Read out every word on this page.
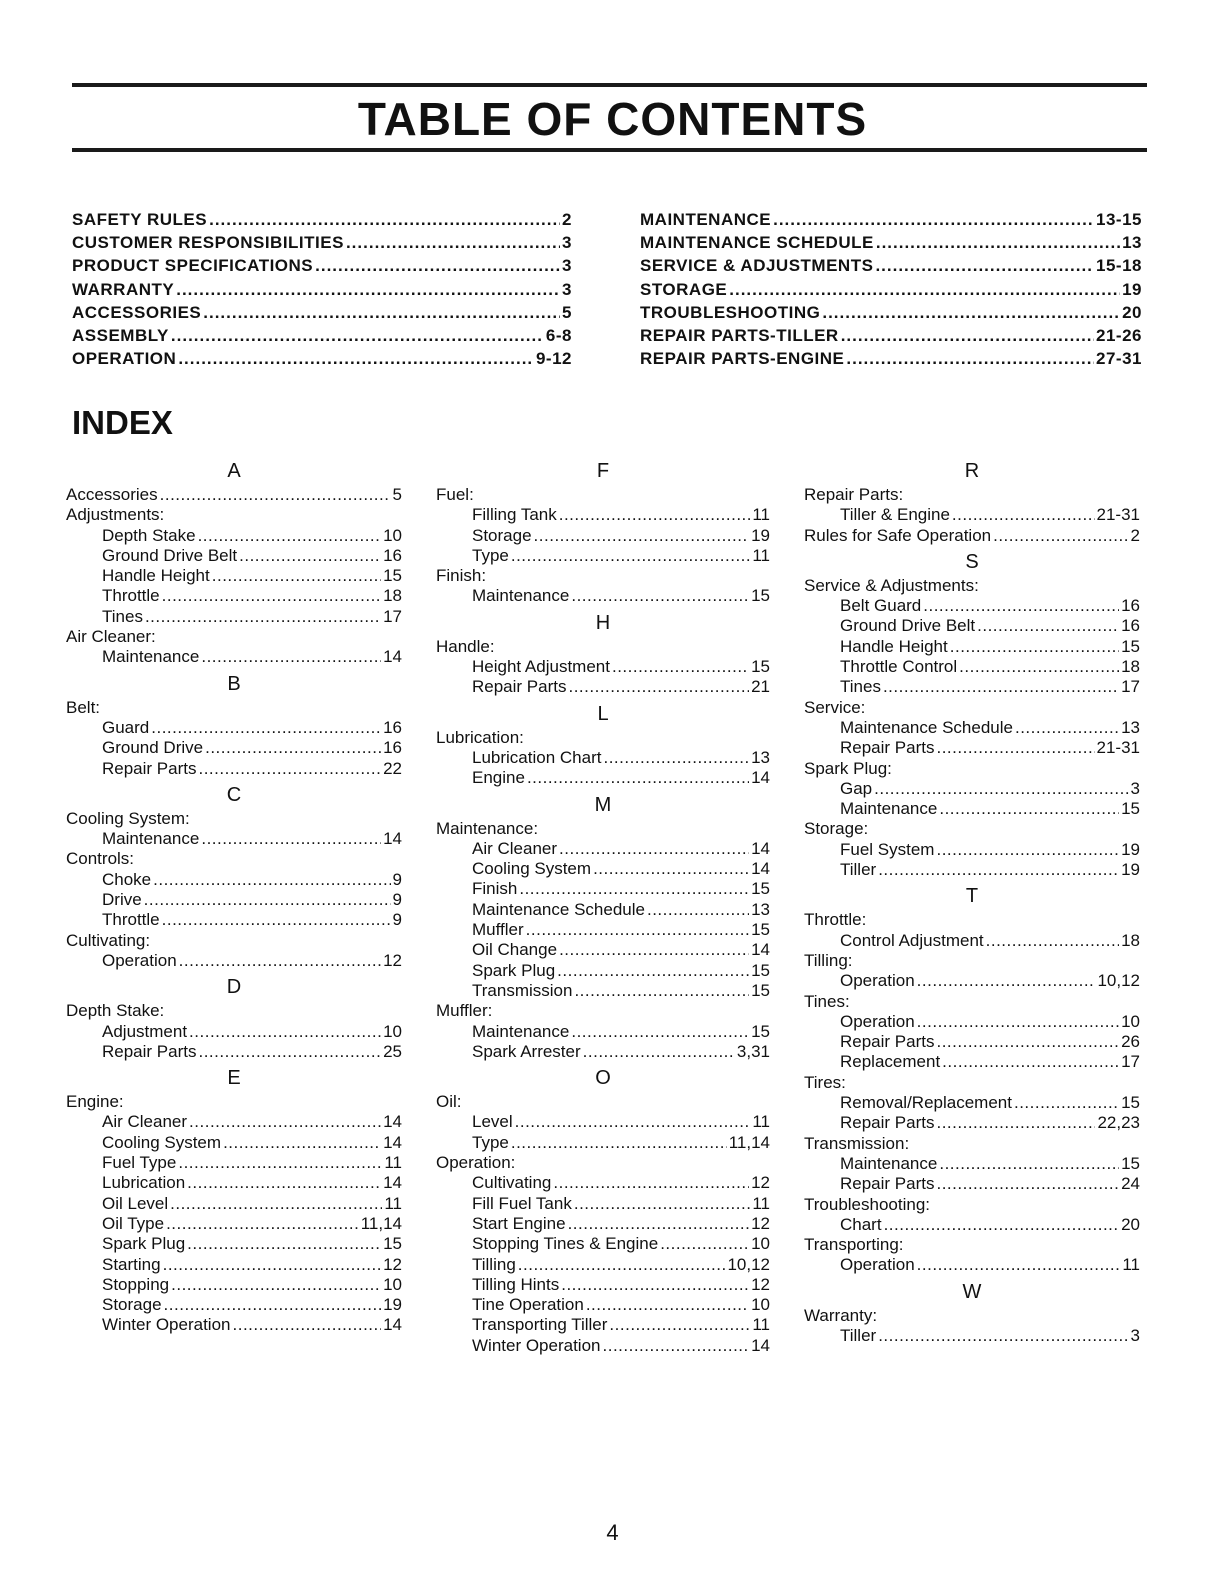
TABLE OF CONTENTS
SAFETY RULES .....	2
CUSTOMER RESPONSIBILITIES .....	3
PRODUCT SPECIFICATIONS .....	3
WARRANTY .....	3
ACCESSORIES .....	5
ASSEMBLY .....	6-8
OPERATION .....	9-12
MAINTENANCE .....	13-15
MAINTENANCE SCHEDULE .....	13
SERVICE & ADJUSTMENTS .....	15-18
STORAGE .....	19
TROUBLESHOOTING .....	20
REPAIR PARTS-TILLER .....	21-26
REPAIR PARTS-ENGINE .....	27-31
INDEX
A
Accessories .....	5
Adjustments:
Depth Stake .....	10
Ground Drive Belt .....	16
Handle Height .....	15
Throttle .....	18
Tines .....	17
Air Cleaner:
Maintenance .....	14
B
Belt:
Guard .....	16
Ground Drive .....	16
Repair Parts .....	22
C
Cooling System:
Maintenance .....	14
Controls:
Choke .....	9
Drive .....	9
Throttle .....	9
Cultivating:
Operation .....	12
D
Depth Stake:
Adjustment .....	10
Repair Parts .....	25
E
Engine:
Air Cleaner .....	14
Cooling System .....	14
Fuel Type .....	11
Lubrication .....	14
Oil Level .....	11
Oil Type .....	11,14
Spark Plug .....	15
Starting .....	12
Stopping .....	10
Storage .....	19
Winter Operation .....	14
F
Fuel:
Filling Tank .....	11
Storage .....	19
Type .....	11
Finish:
Maintenance .....	15
H
Handle:
Height Adjustment .....	15
Repair Parts .....	21
L
Lubrication:
Lubrication Chart .....	13
Engine .....	14
M
Maintenance:
Air Cleaner .....	14
Cooling System .....	14
Finish .....	15
Maintenance Schedule .....	13
Muffler .....	15
Oil Change .....	14
Spark Plug .....	15
Transmission .....	15
Muffler:
Maintenance .....	15
Spark Arrester .....	3,31
O
Oil:
Level .....	11
Type .....	11,14
Operation:
Cultivating .....	12
Fill Fuel Tank .....	11
Start Engine .....	12
Stopping Tines & Engine .....	10
Tilling .....	10,12
Tilling Hints .....	12
Tine Operation .....	10
Transporting Tiller .....	11
Winter Operation .....	14
R
Repair Parts:
Tiller & Engine .....	21-31
Rules for Safe Operation .....	2
S
Service & Adjustments:
Belt Guard .....	16
Ground Drive Belt .....	16
Handle Height .....	15
Throttle Control .....	18
Tines .....	17
Service:
Maintenance Schedule .....	13
Repair Parts .....	21-31
Spark Plug:
Gap .....	3
Maintenance .....	15
Storage:
Fuel System .....	19
Tiller .....	19
T
Throttle:
Control Adjustment .....	18
Tilling:
Operation .....	10,12
Tines:
Operation .....	10
Repair Parts .....	26
Replacement .....	17
Tires:
Removal/Replacement .....	15
Repair Parts .....	22,23
Transmission:
Maintenance .....	15
Repair Parts .....	24
Troubleshooting:
Chart .....	20
Transporting:
Operation .....	11
W
Warranty:
Tiller .....	3
4
